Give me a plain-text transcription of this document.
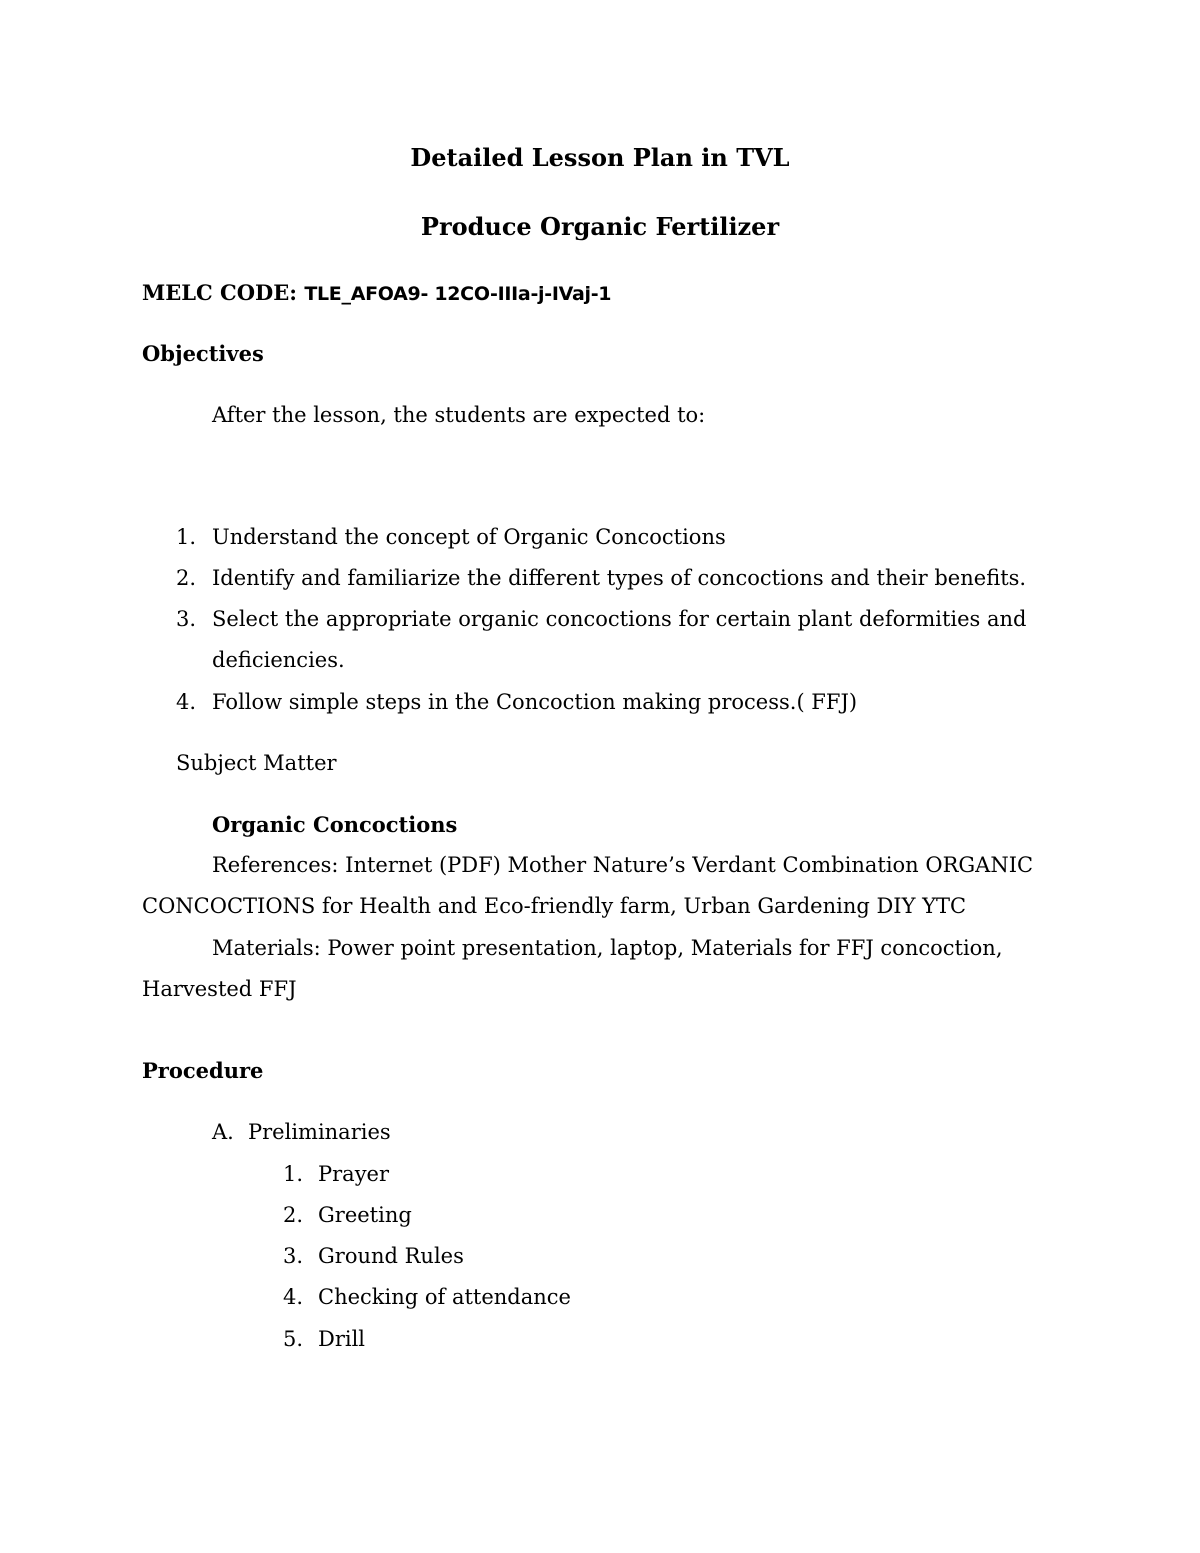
Detailed Lesson Plan in TVL
Produce Organic Fertilizer
MELC CODE: TLE_AFOA9- 12CO-IIIa-j-IVaj-1
Objectives
After the lesson, the students are expected to:
1. Understand the concept of Organic Concoctions
2. Identify and familiarize the different types of concoctions and their benefits.
3. Select the appropriate organic concoctions for certain plant deformities and
deficiencies.
4. Follow simple steps in the Concoction making process.( FFJ)
Subject Matter
Organic Concoctions
References: Internet (PDF) Mother Nature’s Verdant Combination ORGANIC
CONCOCTIONS for Health and Eco-friendly farm, Urban Gardening DIY YTC
Materials: Power point presentation, laptop, Materials for FFJ concoction,
Harvested FFJ
Procedure
A. Preliminaries
1. Prayer
2. Greeting
3. Ground Rules
4. Checking of attendance
5. Drill
